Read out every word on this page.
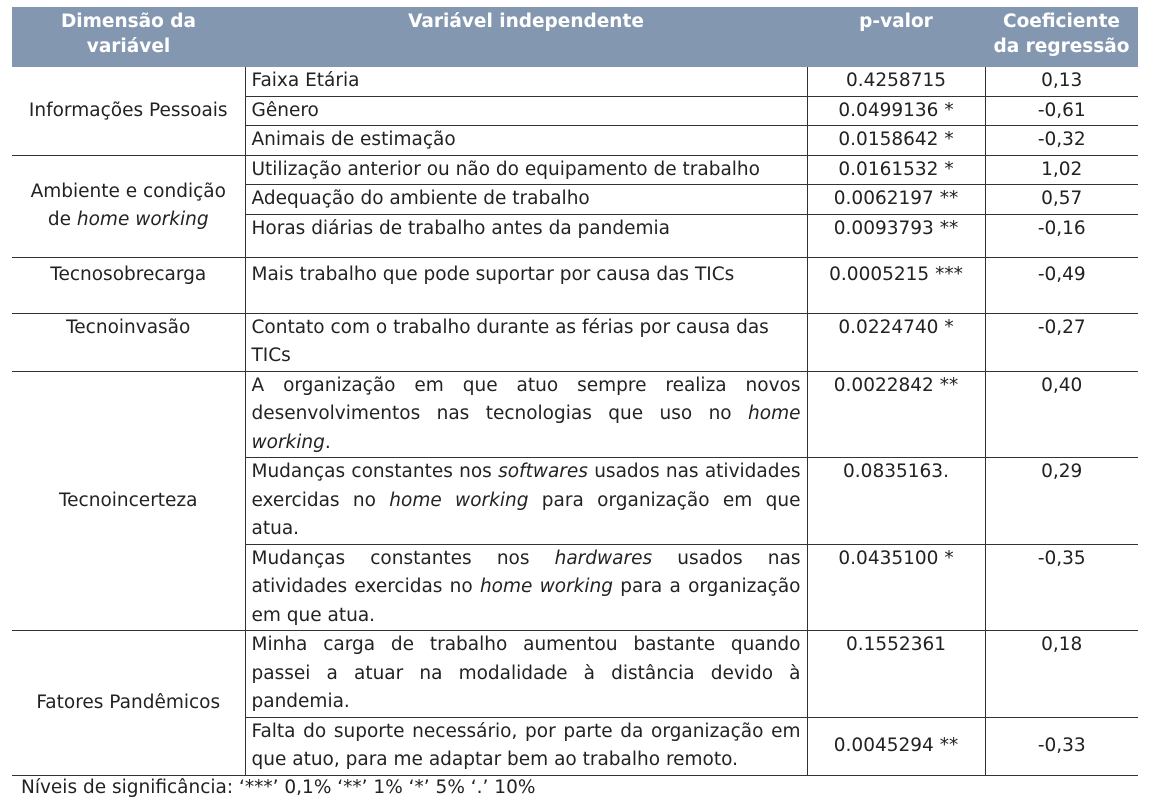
Dimensão da variável	Variável independente	p-valor	Coeficiente da regressão
Informações Pessoais	Faixa Etária	0.4258715	0,13
	Gênero	0.0499136 *	-0,61
	Animais de estimação	0.0158642 *	-0,32
Ambiente e condição
de home working	Utilização anterior ou não do equipamento de trabalho	0.0161532 *	1,02
	Adequação do ambiente de trabalho	0.0062197 **	0,57
	Horas diárias de trabalho antes da pandemia	0.0093793 **	-0,16
Tecnosobrecarga	Mais trabalho que pode suportar por causa das TICs	0.0005215 ***	-0,49
Tecnoinvasão	Contato com o trabalho durante as férias por causa das TICs	0.0224740 *	-0,27
Tecnoincerteza	A organização em que atuo sempre realiza novos desenvolvimentos nas tecnologias que uso no home working.	0.0022842 **	0,40
	Mudanças constantes nos softwares usados nas atividades exercidas no home working para organização em que atua.	0.0835163.	0,29
	Mudanças constantes nos hardwares usados nas atividades exercidas no home working para a organização em que atua.	0.0435100 *	-0,35
Fatores Pandêmicos	Minha carga de trabalho aumentou bastante quando passei a atuar na modalidade à distância devido à pandemia.	0.1552361	0,18
	Falta do suporte necessário, por parte da organização em que atuo, para me adaptar bem ao trabalho remoto.	0.0045294 **	-0,33
Níveis de significância: ‘***’ 0,1% ‘**’ 1% ‘*’ 5% ‘.’ 10%
